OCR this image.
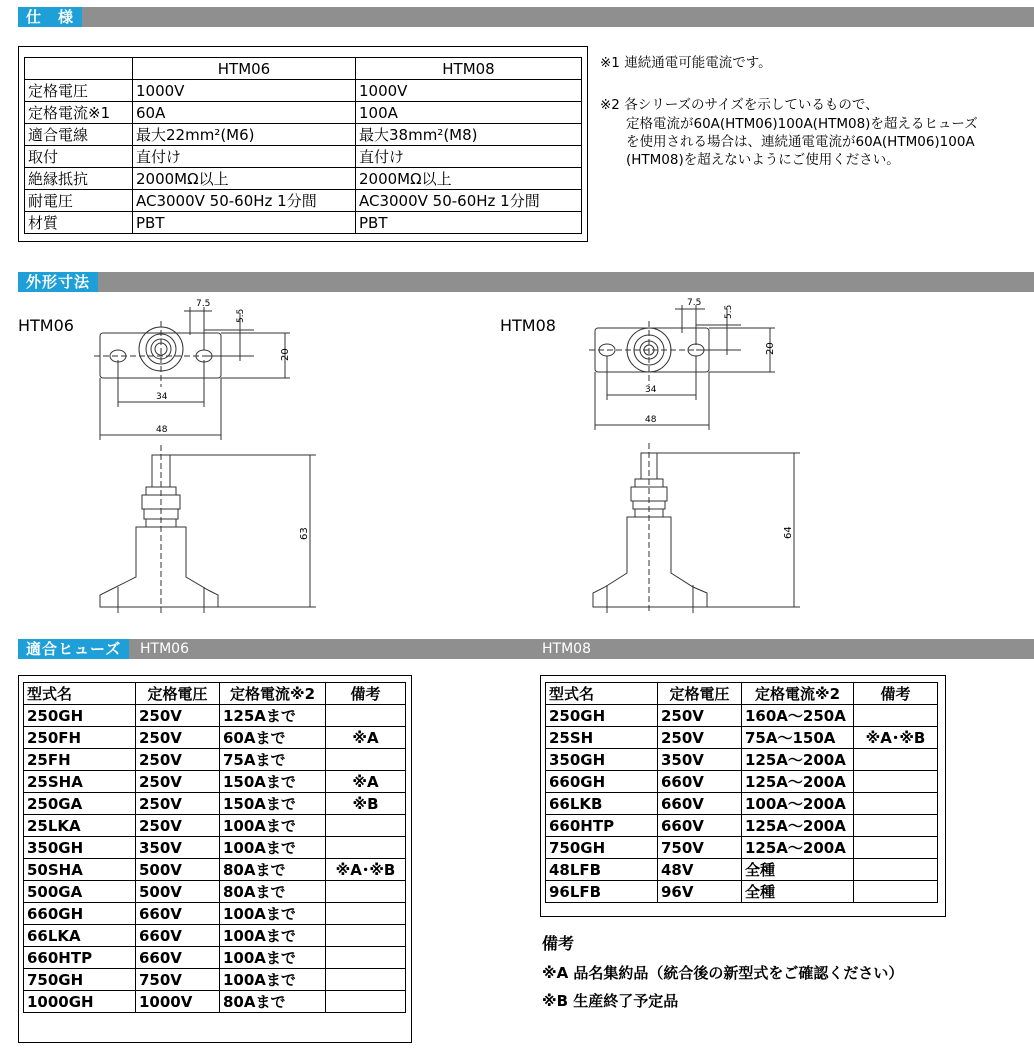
仕　様
	HTM06	HTM08
定格電圧	1000V	1000V
定格電流※1	60A	100A
適合電線	最大22mm²(M6)	最大38mm²(M8)
取付	直付け	直付け
絶縁抵抗	2000MΩ以上	2000MΩ以上
耐電圧	AC3000V 50-60Hz 1分間	AC3000V 50-60Hz 1分間
材質	PBT	PBT
※1 連続通電可能電流です。
※2 各シリーズのサイズを示しているもので、
定格電流が60A(HTM06)100A(HTM08)を超えるヒューズ
を使用される場合は、連続通電電流が60A(HTM06)100A
(HTM08)を超えないようにご使用ください。
外形寸法
HTM06	HTM08
7.5
5.5
20
34
48
63
7.5
5.5
20
34
48
64
適合ヒューズ	HTM06	HTM08
型式名	定格電圧	定格電流※2	備考
250GH	250V	125Aまで	
250FH	250V	60Aまで	※A
25FH	250V	75Aまで	
25SHA	250V	150Aまで	※A
250GA	250V	150Aまで	※B
25LKA	250V	100Aまで	
350GH	350V	100Aまで	
50SHA	500V	80Aまで	※A･※B
500GA	500V	80Aまで	
660GH	660V	100Aまで	
66LKA	660V	100Aまで	
660HTP	660V	100Aまで	
750GH	750V	100Aまで	
1000GH	1000V	80Aまで	
型式名	定格電圧	定格電流※2	備考
250GH	250V	160A～250A	
25SH	250V	75A～150A	※A･※B
350GH	350V	125A～200A	
660GH	660V	125A～200A	
66LKB	660V	100A～200A	
660HTP	660V	125A～200A	
750GH	750V	125A～200A	
48LFB	48V	全種	
96LFB	96V	全種	
備考
※A 品名集約品（統合後の新型式をご確認ください）
※B 生産終了予定品
